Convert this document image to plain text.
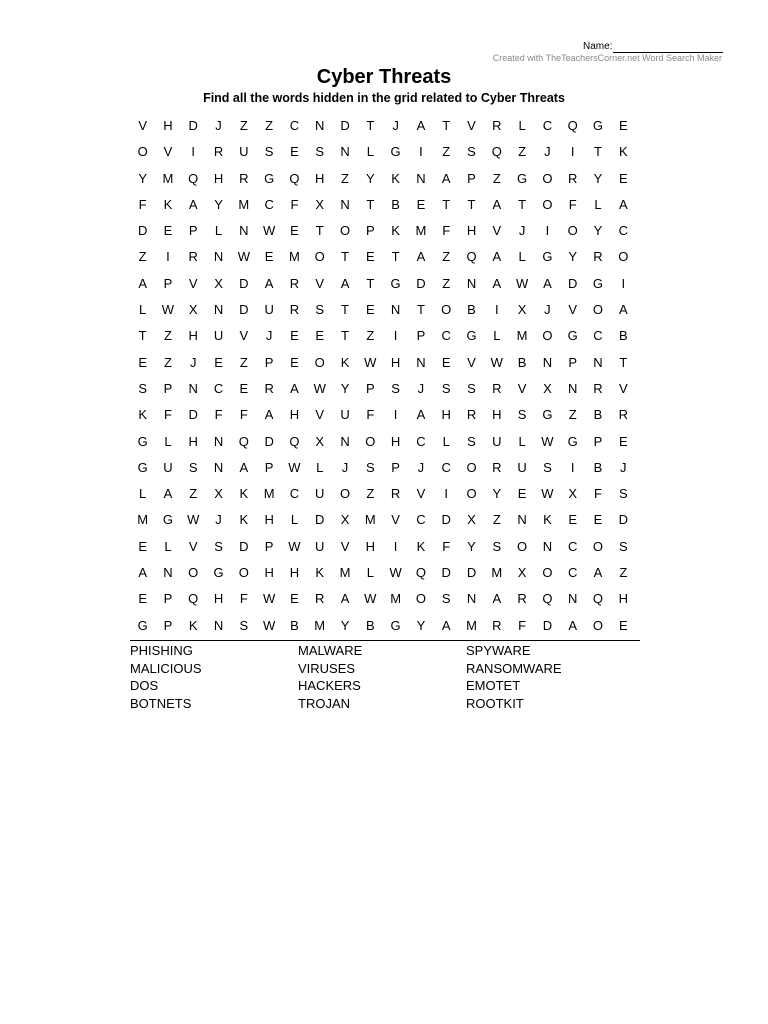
Name:
Created with TheTeachersCorner.net Word Search Maker
Cyber Threats
Find all the words hidden in the grid related to Cyber Threats
V	H	D	J	Z	Z	C	N	D	T	J	A	T	V	R	L	C	Q	G	E
O	V	I	R	U	S	E	S	N	L	G	I	Z	S	Q	Z	J	I	T	K
Y	M	Q	H	R	G	Q	H	Z	Y	K	N	A	P	Z	G	O	R	Y	E
F	K	A	Y	M	C	F	X	N	T	B	E	T	T	A	T	O	F	L	A
D	E	P	L	N	W	E	T	O	P	K	M	F	H	V	J	I	O	Y	C
Z	I	R	N	W	E	M	O	T	E	T	A	Z	Q	A	L	G	Y	R	O
A	P	V	X	D	A	R	V	A	T	G	D	Z	N	A	W	A	D	G	I
L	W	X	N	D	U	R	S	T	E	N	T	O	B	I	X	J	V	O	A
T	Z	H	U	V	J	E	E	T	Z	I	P	C	G	L	M	O	G	C	B
E	Z	J	E	Z	P	E	O	K	W	H	N	E	V	W	B	N	P	N	T
S	P	N	C	E	R	A	W	Y	P	S	J	S	S	R	V	X	N	R	V
K	F	D	F	F	A	H	V	U	F	I	A	H	R	H	S	G	Z	B	R
G	L	H	N	Q	D	Q	X	N	O	H	C	L	S	U	L	W	G	P	E
G	U	S	N	A	P	W	L	J	S	P	J	C	O	R	U	S	I	B	J
L	A	Z	X	K	M	C	U	O	Z	R	V	I	O	Y	E	W	X	F	S
M	G	W	J	K	H	L	D	X	M	V	C	D	X	Z	N	K	E	E	D
E	L	V	S	D	P	W	U	V	H	I	K	F	Y	S	O	N	C	O	S
A	N	O	G	O	H	H	K	M	L	W	Q	D	D	M	X	O	C	A	Z
E	P	Q	H	F	W	E	R	A	W	M	O	S	N	A	R	Q	N	Q	H
G	P	K	N	S	W	B	M	Y	B	G	Y	A	M	R	F	D	A	O	E
PHISHING
MALICIOUS
DOS
BOTNETS
MALWARE
VIRUSES
HACKERS
TROJAN
SPYWARE
RANSOMWARE
EMOTET
ROOTKIT
